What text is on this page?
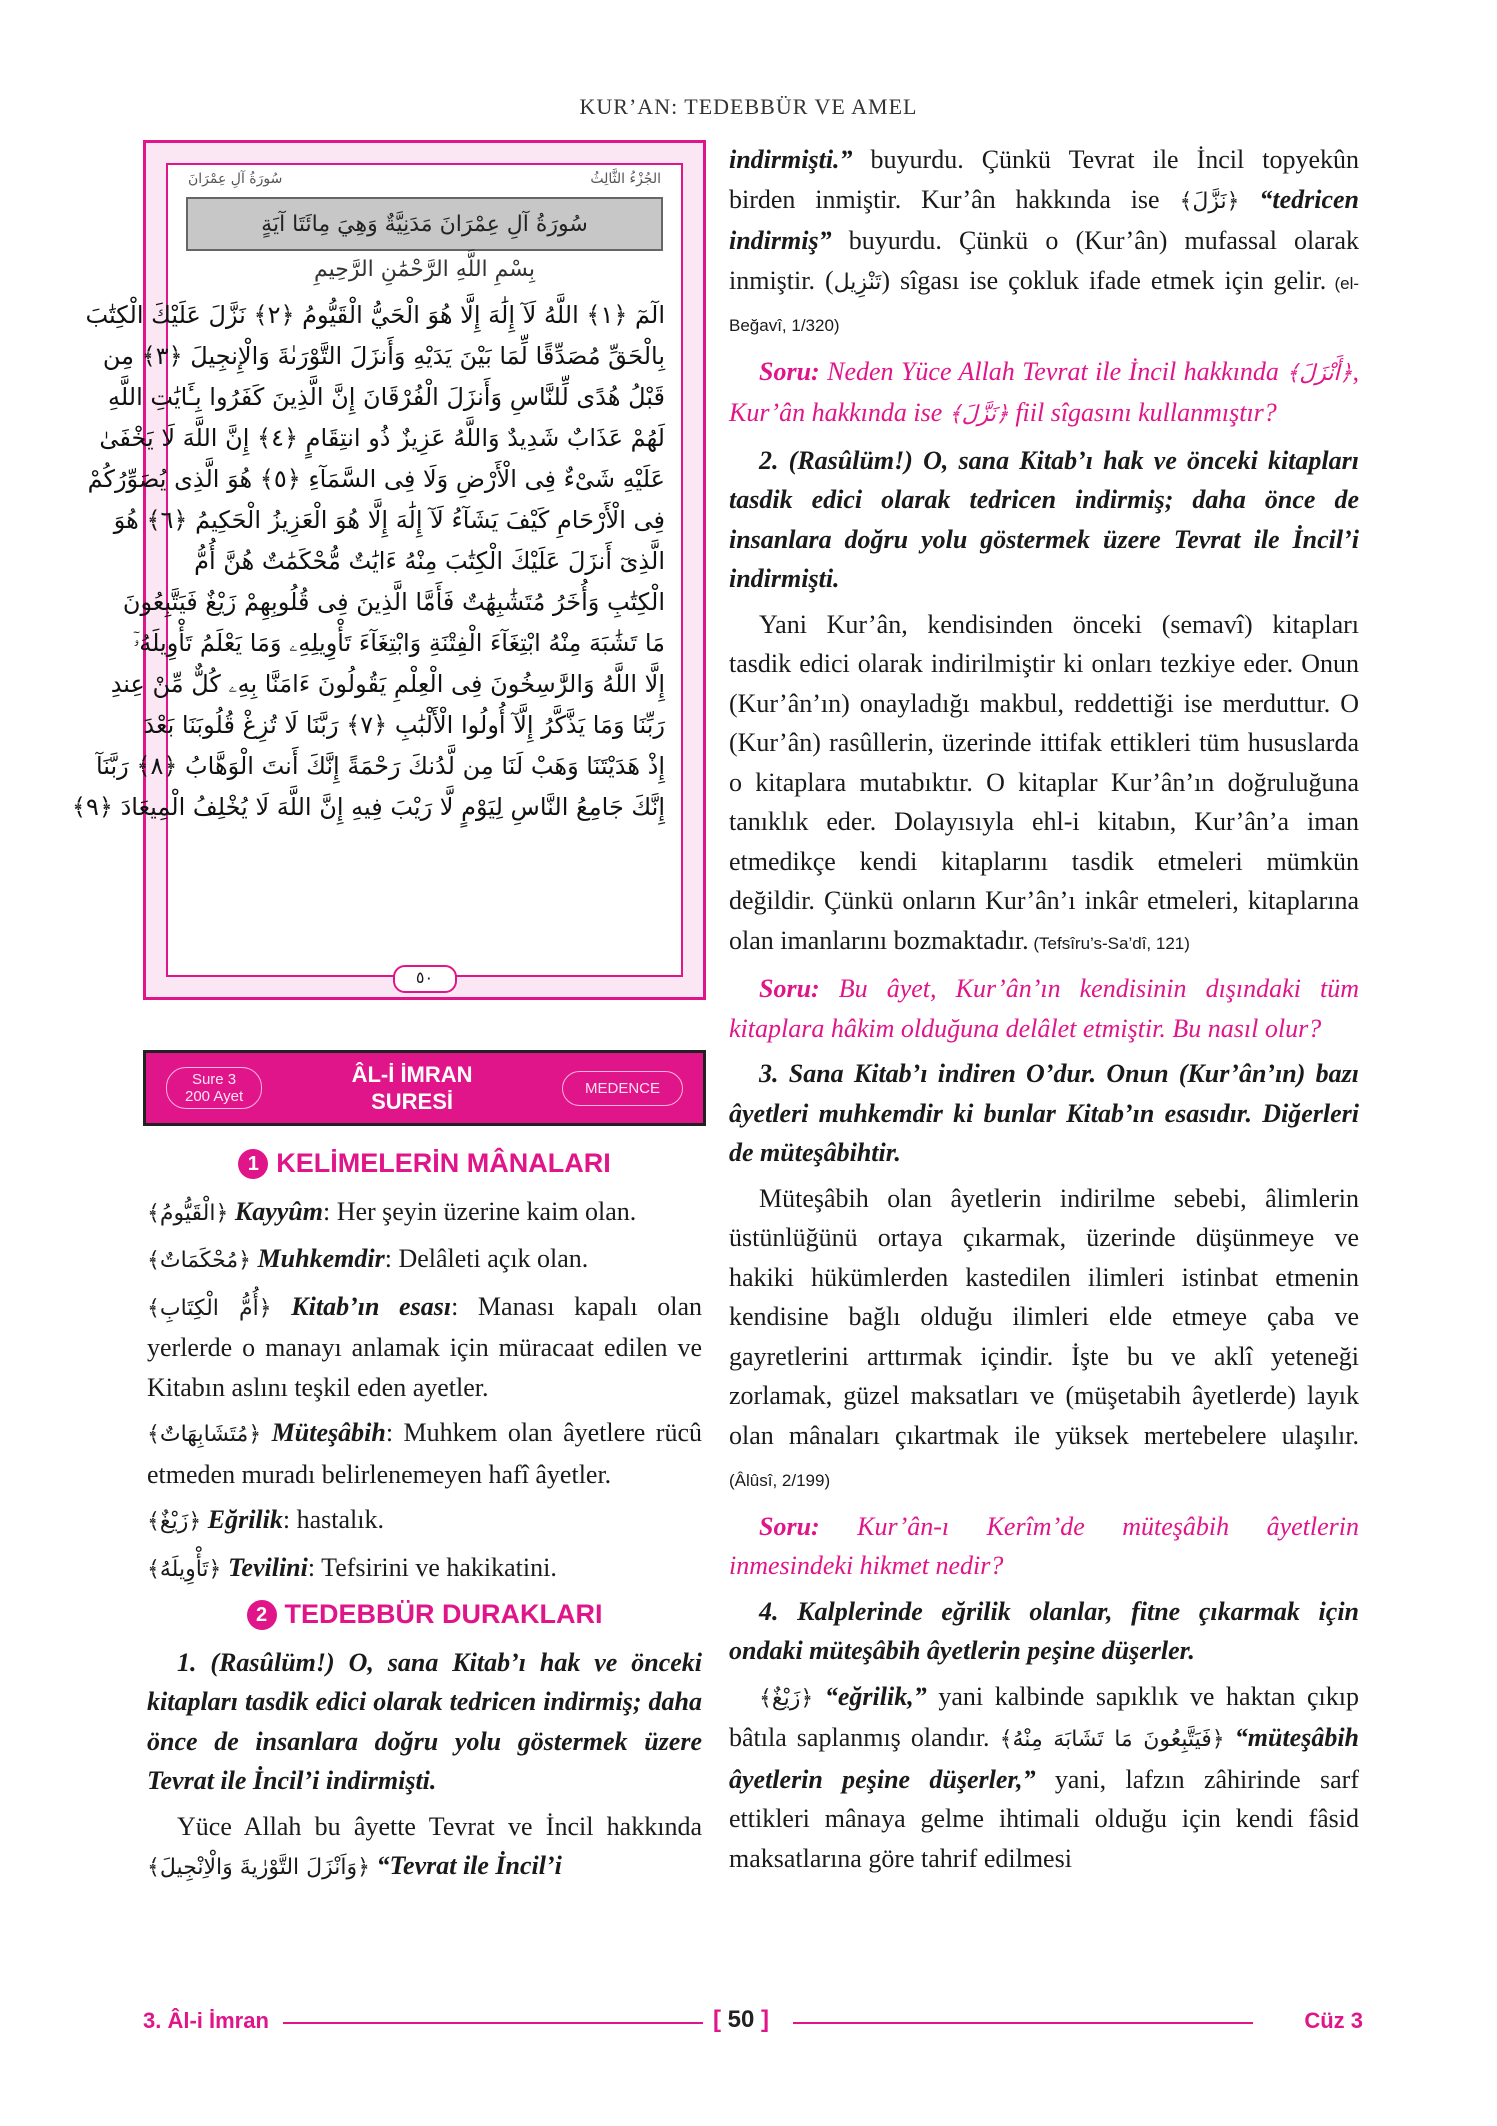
KUR’AN: TEDEBBÜR VE AMEL
الجُزْءُ الثَّالِثُ
سُورَةُ آلِ عِمْرَانَ
سُورَةُ آلِ عِمْرَانَ مَدَنِيَّةٌ وَهِيَ مِائَتَا آيَةٍ
بِسْمِ اللَّهِ الرَّحْمَٰنِ الرَّحِيمِ
الٓمٓ ﴿١﴾ اللَّهُ لَآ إِلَٰهَ إِلَّا هُوَ الْحَيُّ الْقَيُّومُ ﴿٢﴾ نَزَّلَ عَلَيْكَ الْكِتَٰبَ
بِالْحَقِّ مُصَدِّقًا لِّمَا بَيْنَ يَدَيْهِ وَأَنزَلَ التَّوْرَىٰةَ وَالْإِنجِيلَ ﴿٣﴾ مِن
قَبْلُ هُدًى لِّلنَّاسِ وَأَنزَلَ الْفُرْقَانَ إِنَّ الَّذِينَ كَفَرُوا بِـَٔايَٰتِ اللَّهِ
لَهُمْ عَذَابٌ شَدِيدٌ وَاللَّهُ عَزِيزٌ ذُو انتِقَامٍ ﴿٤﴾ إِنَّ اللَّهَ لَا يَخْفَىٰ
عَلَيْهِ شَىْءٌ فِى الْأَرْضِ وَلَا فِى السَّمَآءِ ﴿٥﴾ هُوَ الَّذِى يُصَوِّرُكُمْ
فِى الْأَرْحَامِ كَيْفَ يَشَآءُ لَآ إِلَٰهَ إِلَّا هُوَ الْعَزِيزُ الْحَكِيمُ ﴿٦﴾ هُوَ
الَّذِىٓ أَنزَلَ عَلَيْكَ الْكِتَٰبَ مِنْهُ ءَايَٰتٌ مُّحْكَمَٰتٌ هُنَّ أُمُّ
الْكِتَٰبِ وَأُخَرُ مُتَشَٰبِهَٰتٌ فَأَمَّا الَّذِينَ فِى قُلُوبِهِمْ زَيْغٌ فَيَتَّبِعُونَ
مَا تَشَٰبَهَ مِنْهُ ابْتِغَآءَ الْفِتْنَةِ وَابْتِغَآءَ تَأْوِيلِهِۦ وَمَا يَعْلَمُ تَأْوِيلَهُۥٓ
إِلَّا اللَّهُ وَالرَّٰسِخُونَ فِى الْعِلْمِ يَقُولُونَ ءَامَنَّا بِهِۦ كُلٌّ مِّنْ عِندِ
رَبِّنَا وَمَا يَذَّكَّرُ إِلَّآ أُولُوا الْأَلْبَٰبِ ﴿٧﴾ رَبَّنَا لَا تُزِغْ قُلُوبَنَا بَعْدَ
إِذْ هَدَيْتَنَا وَهَبْ لَنَا مِن لَّدُنكَ رَحْمَةً إِنَّكَ أَنتَ الْوَهَّابُ ﴿٨﴾ رَبَّنَآ
إِنَّكَ جَامِعُ النَّاسِ لِيَوْمٍ لَّا رَيْبَ فِيهِ إِنَّ اللَّهَ لَا يُخْلِفُ الْمِيعَادَ ﴿٩﴾
٥٠
Sure 3
200 Ayet
ÂL-İ İMRAN
SURESİ
MEDENCE
1 KELİMELERİN MÂNALARI

﴿الْقَيُّومُ﴾ Kayyûm: Her şeyin üzerine kaim olan.

﴿مُحْكَمَاتٌ﴾ Muhkemdir: Delâleti açık olan.

﴿أُمُّ الْكِتَابِ﴾ Kitab’ın esası: Manası kapalı olan yerlerde o manayı anlamak için müracaat edilen ve Kitabın aslını teşkil eden ayetler.

﴿مُتَشَابِهَاتٌ﴾ Müteşâbih: Muhkem olan âyetlere rücû etmeden muradı belirlenemeyen hafî âyetler.

﴿زَيْغٌ﴾ Eğrilik: hastalık.

﴿تَأْوِيلَهُ﴾ Tevilini: Tefsirini ve hakikatini.

2 TEDEBBÜR DURAKLARI

1. (Rasûlüm!) O, sana Kitab’ı hak ve önceki kitapları tasdik edici olarak tedricen indirmiş; daha önce de insanlara doğru yolu göstermek üzere Tevrat ile İncil’i indirmişti.

Yüce Allah bu âyette Tevrat ve İncil hakkında ﴿وَاَنْزَلَ التَّوْرٰيةَ وَالْاِنْجِيلَ﴾ “Tevrat ile İncil’i

indirmişti.” buyurdu. Çünkü Tevrat ile İncil topyekûn birden inmiştir. Kur’ân hakkında ise ﴿نَزَّلَ﴾ “tedricen indirmiş” buyurdu. Çünkü o (Kur’ân) mufassal olarak inmiştir. (تَنْزِيل) sîgası ise çokluk ifade etmek için gelir. (el-Beğavî, 1/320)

Soru: Neden Yüce Allah Tevrat ile İncil hakkında ﴿أَنْزَلَ﴾, Kur’ân hakkında ise ﴿نَزَّلَ﴾ fiil sîgasını kullanmıştır?

2. (Rasûlüm!) O, sana Kitab’ı hak ve önceki kitapları tasdik edici olarak tedricen indirmiş; daha önce de insanlara doğru yolu göstermek üzere Tevrat ile İncil’i indirmişti.

Yani Kur’ân, kendisinden önceki (semavî) kitapları tasdik edici olarak indirilmiştir ki onları tezkiye eder. Onun (Kur’ân’ın) onayladığı makbul, reddettiği ise merduttur. O (Kur’ân) rasûllerin, üzerinde ittifak ettikleri tüm hususlarda o kitaplara mutabıktır. O kitaplar Kur’ân’ın doğruluğuna tanıklık eder. Dolayısıyla ehl-i kitabın, Kur’ân’a iman etmedikçe kendi kitaplarını tasdik etmeleri mümkün değildir. Çünkü onların Kur’ân’ı inkâr etmeleri, kitaplarına olan imanlarını bozmaktadır. (Tefsîru’s-Sa’dî, 121)

Soru: Bu âyet, Kur’ân’ın kendisinin dışındaki tüm kitaplara hâkim olduğuna delâlet etmiştir. Bu nasıl olur?

3. Sana Kitab’ı indiren O’dur. Onun (Kur’ân’ın) bazı âyetleri muhkemdir ki bunlar Kitab’ın esasıdır. Diğerleri de müteşâbihtir.

Müteşâbih olan âyetlerin indirilme sebebi, âlimlerin üstünlüğünü ortaya çıkarmak, üzerinde düşünmeye ve hakiki hükümlerden kastedilen ilimleri istinbat etmenin kendisine bağlı olduğu ilimleri elde etmeye çaba ve gayretlerini arttırmak içindir. İşte bu ve aklî yeteneği zorlamak, güzel maksatları ve (müşetabih âyetlerde) layık olan mânaları çıkartmak ile yüksek mertebelere ulaşılır. (Âlûsî, 2/199)

Soru: Kur’ân-ı Kerîm’de müteşâbih âyetlerin inmesindeki hikmet nedir?

4. Kalplerinde eğrilik olanlar, fitne çıkarmak için ondaki müteşâbih âyetlerin peşine düşerler.

﴿زَيْغٌ﴾ “eğrilik,” yani kalbinde sapıklık ve haktan çıkıp bâtıla saplanmış olandır. ﴿فَيَتَّبِعُونَ مَا تَشَابَهَ مِنْهُ﴾ “müteşâbih âyetlerin peşine düşerler,” yani, lafzın zâhirinde sarf ettikleri mânaya gelme ihtimali olduğu için kendi fâsid maksatlarına göre tahrif edilmesi

3. Âl-i İmran	[ 50 ]	Cüz 3
